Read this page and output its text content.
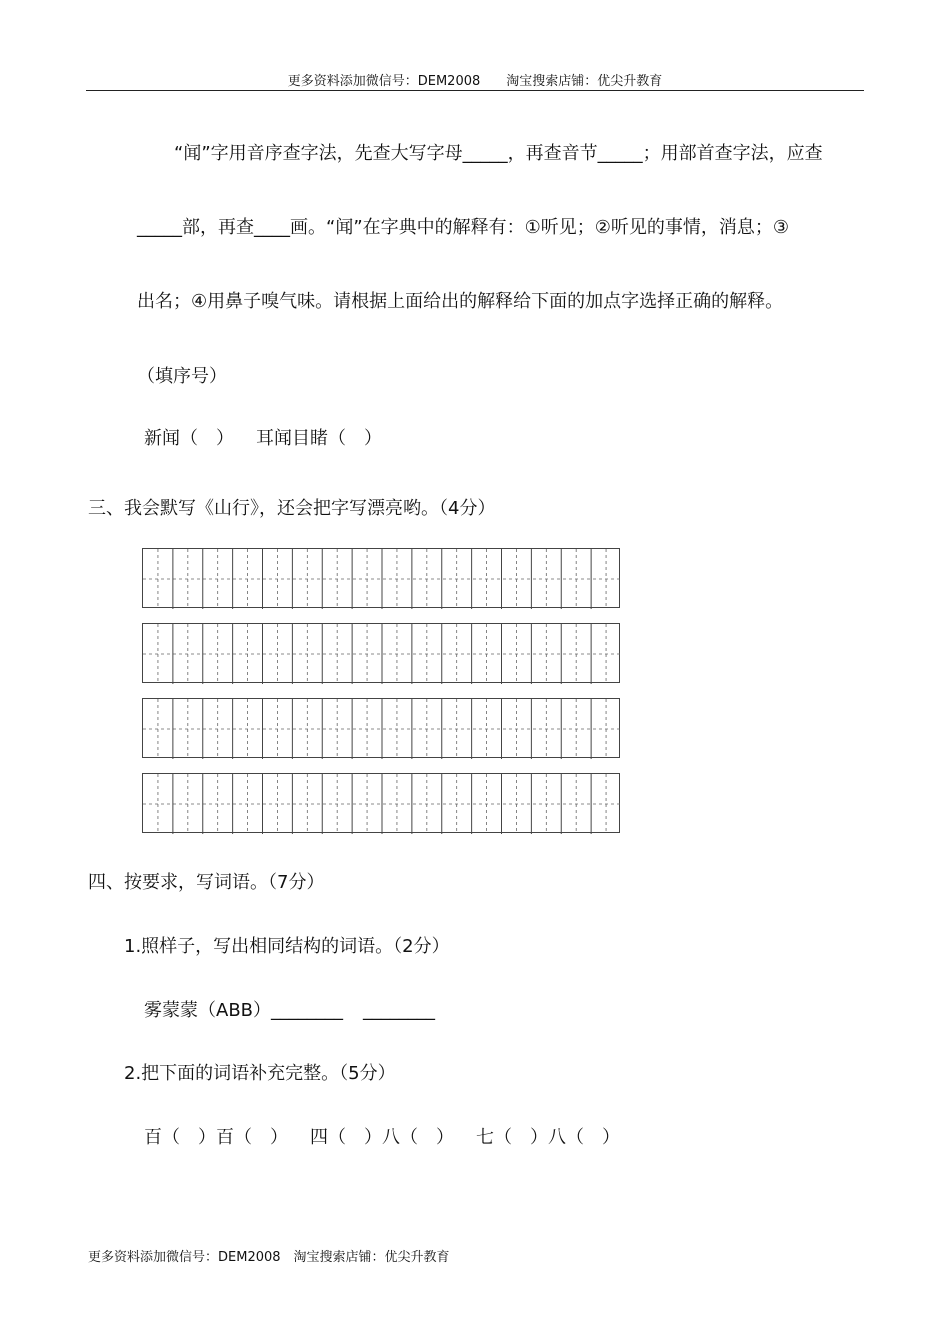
更多资料添加微信号：DEM2008　　淘宝搜索店铺：优尖升教育
“闻”字用音序查字法，先查大写字母_____，再查音节_____；用部首查字法，应查
_____部，再查____画。“闻”在字典中的解释有：①听见；②听见的事情，消息；③
出名；④用鼻子嗅气味。请根据上面给出的解释给下面的加点字选择正确的解释。
（填序号）
新闻（　） 耳闻目睹（　）
三、我会默写《山行》，还会把字写漂亮哟。（4分）
四、按要求，写词语。（7分）
1.照样子，写出相同结构的词语。（2分）
雾蒙蒙（ABB）________ ________
2.把下面的词语补充完整。（5分）
百（　）百（　） 四（　）八（　） 七（　）八（　）
更多资料添加微信号：DEM2008　淘宝搜索店铺：优尖升教育
